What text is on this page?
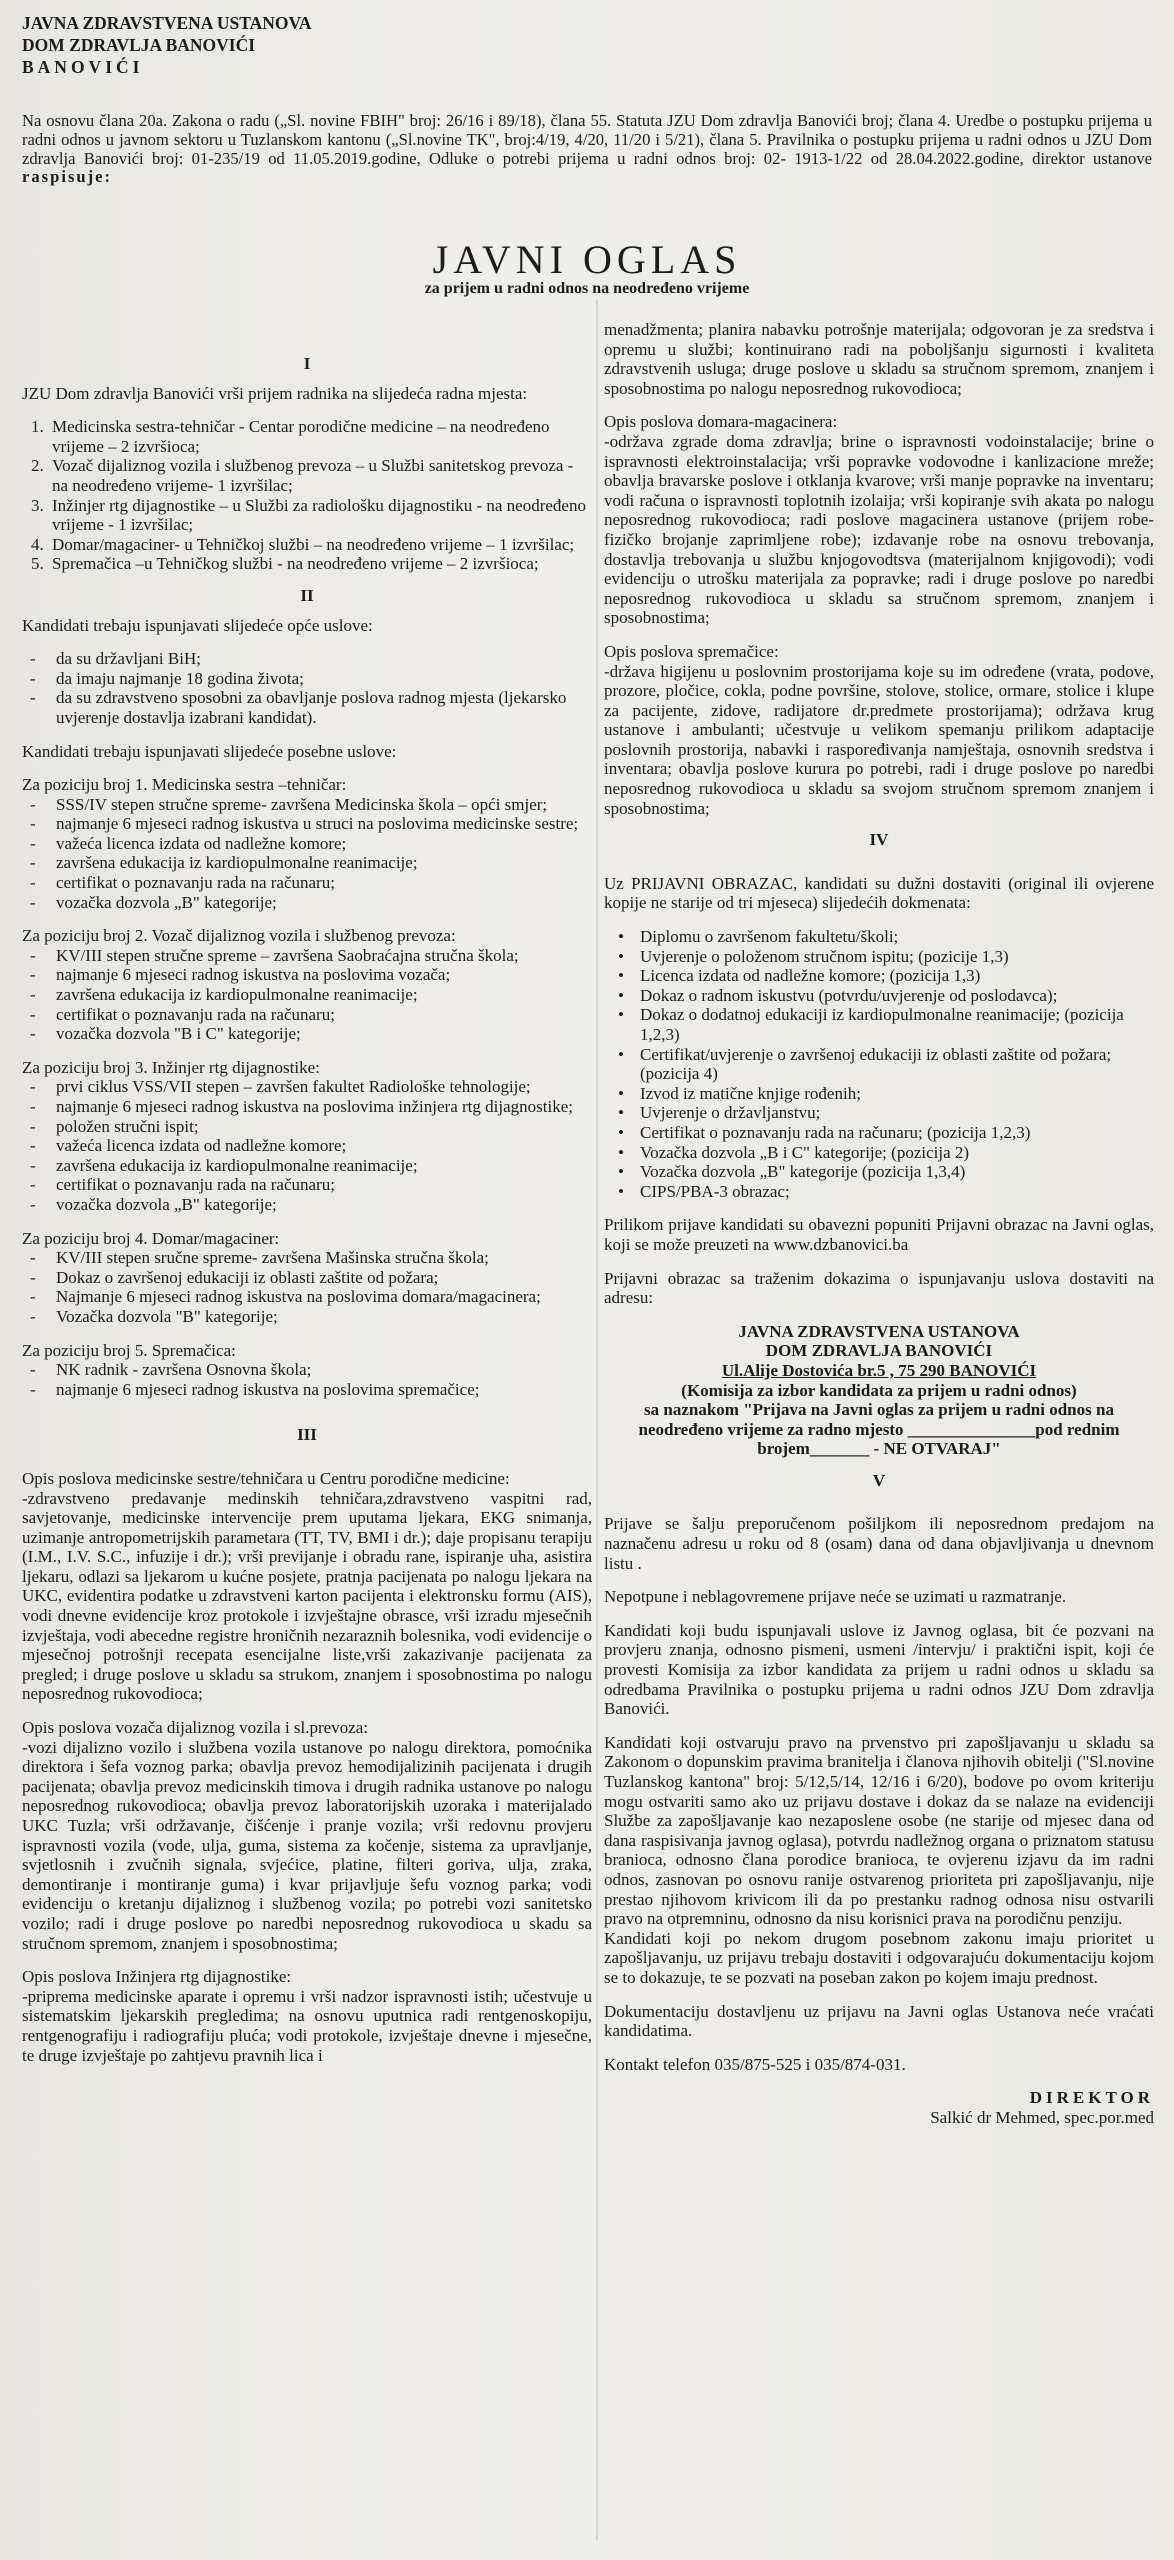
JAVNA ZDRAVSTVENA USTANOVA
DOM ZDRAVLJA BANOVIĆI
BANOVIĆI
Na osnovu člana 20a. Zakona o radu („Sl. novine FBIH" broj: 26/16 i 89/18), člana 55. Statuta JZU Dom zdravlja Banovići broj; člana 4. Uredbe o postupku prijema u radni odnos u javnom sektoru u Tuzlanskom kantonu („Sl.novine TK", broj:4/19, 4/20, 11/20 i 5/21), člana 5. Pravilnika o postupku prijema u radni odnos u JZU Dom zdravlja Banovići broj: 01-235/19 od 11.05.2019.godine, Odluke o potrebi prijema u radni odnos broj: 02- 1913-1/22 od 28.04.2022.godine, direktor ustanove raspisuje:
JAVNI OGLAS
za prijem u radni odnos na neodređeno vrijeme
I

JZU Dom zdravlja Banovići vrši prijem radnika na slijedeća radna mjesta:

1. Medicinska sestra-tehničar - Centar porodične medicine – na neodređeno vrijeme – 2 izvršioca;
2. Vozač dijaliznog vozila i službenog prevoza – u Službi sanitetskog prevoza - na neodređeno vrijeme- 1 izvršilac;
3. Inžinjer rtg dijagnostike – u Službi za radiološku dijagnostiku - na neodređeno vrijeme - 1 izvršilac;
4. Domar/magaciner- u Tehničkoj službi – na neodređeno vrijeme – 1 izvršilac;
5. Spremačica –u Tehničkog službi - na neodređeno vrijeme – 2 izvršioca;
II

Kandidati trebaju ispunjavati slijedeće opće uslove:

- da su državljani BiH;
- da imaju najmanje 18 godina života;
- da su zdravstveno sposobni za obavljanje poslova radnog mjesta (ljekarsko uvjerenje dostavlja izabrani kandidat).

Kandidati trebaju ispunjavati slijedeće posebne uslove:

Za poziciju broj 1. Medicinska sestra –tehničar:

- SSS/IV stepen stručne spreme- završena Medicinska škola – opći smjer;
- najmanje 6 mjeseci radnog iskustva u struci na poslovima medicinske sestre;
- važeća licenca izdata od nadležne komore;
- završena edukacija iz kardiopulmonalne reanimacije;
- certifikat o poznavanju rada na računaru;
- vozačka dozvola „B" kategorije;

Za poziciju broj 2. Vozač dijaliznog vozila i službenog prevoza:

- KV/III stepen stručne spreme – završena Saobraćajna stručna škola;
- najmanje 6 mjeseci radnog iskustva na poslovima vozača;
- završena edukacija iz kardiopulmonalne reanimacije;
- certifikat o poznavanju rada na računaru;
- vozačka dozvola "B i C" kategorije;

Za poziciju broj 3. Inžinjer rtg dijagnostike:

- prvi ciklus VSS/VII stepen – završen fakultet Radiološke tehnologije;
- najmanje 6 mjeseci radnog iskustva na poslovima inžinjera rtg dijagnostike;
- položen stručni ispit;
- važeća licenca izdata od nadležne komore;
- završena edukacija iz kardiopulmonalne reanimacije;
- certifikat o poznavanju rada na računaru;
- vozačka dozvola „B" kategorije;

Za poziciju broj 4. Domar/magaciner:

- KV/III stepen sručne spreme- završena Mašinska stručna škola;
- Dokaz o završenoj edukaciji iz oblasti zaštite od požara;
- Najmanje 6 mjeseci radnog iskustva na poslovima domara/magacinera;
- Vozačka dozvola "B" kategorije;

Za poziciju broj 5. Spremačica:

- NK radnik - završena Osnovna škola;
- najmanje 6 mjeseci radnog iskustva na poslovima spremačice;
III

Opis poslova medicinske sestre/tehničara u Centru porodične medicine:

-zdravstveno predavanje medinskih tehničara,zdravstveno vaspitni rad, savjetovanje, medicinske intervencije prem uputama ljekara, EKG snimanja, uzimanje antropometrijskih parametara (TT, TV, BMI i dr.); daje propisanu terapiju (I.M., I.V. S.C., infuzije i dr.); vrši previjanje i obradu rane, ispiranje uha, asistira ljekaru, odlazi sa ljekarom u kućne posjete, pratnja pacijenata po nalogu ljekara na UKC, evidentira podatke u zdravstveni karton pacijenta i elektronsku formu (AIS), vodi dnevne evidencije kroz protokole i izvještajne obrasce, vrši izradu mjesečnih izvještaja, vodi abecedne registre hroničnih nezaraznih bolesnika, vodi evidencije o mjesečnoj potrošnji recepata esencijalne liste,vrši zakazivanje pacijenata za pregled; i druge poslove u skladu sa strukom, znanjem i sposobnostima po nalogu neposrednog rukovodioca;

Opis poslova vozača dijaliznog vozila i sl.prevoza:

-vozi dijalizno vozilo i službena vozila ustanove po nalogu direktora, pomoćnika direktora i šefa voznog parka; obavlja prevoz hemodijalizinih pacijenata i drugih pacijenata; obavlja prevoz medicinskih timova i drugih radnika ustanove po nalogu neposrednog rukovodioca; obavlja prevoz laboratorijskih uzoraka i materijalado UKC Tuzla; vrši održavanje, čišćenje i pranje vozila; vrši redovnu provjeru ispravnosti vozila (vode, ulja, guma, sistema za kočenje, sistema za upravljanje, svjetlosnih i zvučnih signala, svjećice, platine, filteri goriva, ulja, zraka, demontiranje i montiranje guma) i kvar prijavljuje šefu voznog parka; vodi evidenciju o kretanju dijaliznog i službenog vozila; po potrebi vozi sanitetsko vozilo; radi i druge poslove po naredbi neposrednog rukovodioca u skadu sa stručnom spremom, znanjem i sposobnostima;

Opis poslova Inžinjera rtg dijagnostike:

-priprema medicinske aparate i opremu i vrši nadzor ispravnosti istih; učestvuje u sistematskim ljekarskih pregledima; na osnovu uputnica radi rentgenoskopiju, rentgenografiju i radiografiju pluća; vodi protokole, izvještaje dnevne i mjesečne, te druge izvještaje po zahtjevu pravnih lica i

menadžmenta; planira nabavku potrošnje materijala; odgovoran je za sredstva i opremu u službi; kontinuirano radi na poboljšanju sigurnosti i kvaliteta zdravstvenih usluga; druge poslove u skladu sa stručnom spremom, znanjem i sposobnostima po nalogu neposrednog rukovodioca;

Opis poslova domara-magacinera:

-održava zgrade doma zdravlja; brine o ispravnosti vodoinstalacije; brine o ispravnosti elektroinstalacija; vrši popravke vodovodne i kanlizacione mreže; obavlja bravarske poslove i otklanja kvarove; vrši manje popravke na inventaru; vodi računa o ispravnosti toplotnih izolaija; vrši kopiranje svih akata po nalogu neposrednog rukovodioca; radi poslove magacinera ustanove (prijem robe-fizičko brojanje zaprimljene robe); izdavanje robe na osnovu trebovanja, dostavlja trebovanja u službu knjogovodtsva (materijalnom knjigovodi); vodi evidenciju o utrošku materijala za popravke; radi i druge poslove po naredbi neposrednog rukovodioca u skladu sa stručnom spremom, znanjem i sposobnostima;

Opis poslova spremačice:

-država higijenu u poslovnim prostorijama koje su im određene (vrata, podove, prozore, pločice, cokla, podne površine, stolove, stolice, ormare, stolice i klupe za pacijente, zidove, radijatore dr.predmete prostorijama); održava krug ustanove i ambulanti; učestvuje u velikom spemanju prilikom adaptacije poslovnih prostorija, nabavki i raspoređivanja namještaja, osnovnih sredstva i inventara; obavlja poslove kurura po potrebi, radi i druge poslove po naredbi neposrednog rukovodioca u skladu sa svojom stručnom spremom znanjem i sposobnostima;

IV

Uz PRIJAVNI OBRAZAC, kandidati su dužni dostaviti (original ili ovjerene kopije ne starije od tri mjeseca) slijedećih dokmenata:

• Diplomu o završenom fakultetu/školi;
• Uvjerenje o položenom stručnom ispitu; (pozicije 1,3)
• Licenca izdata od nadležne komore; (pozicija 1,3)
• Dokaz o radnom iskustvu (potvrdu/uvjerenje od poslodavca);
• Dokaz o dodatnoj edukaciji iz kardiopulmonalne reanimacije; (pozicija 1,2,3)
• Certifikat/uvjerenje o završenoj edukaciji iz oblasti zaštite od požara; (pozicija 4)
• Izvod iz matične knjige rođenih;
• Uvjerenje o državljanstvu;
• Certifikat o poznavanju rada na računaru; (pozicija 1,2,3)
• Vozačka dozvola „B i C" kategorije; (pozicija 2)
• Vozačka dozvola „B" kategorije (pozicija 1,3,4)
• CIPS/PBA-3 obrazac;

Prilikom prijave kandidati su obavezni popuniti Prijavni obrazac na Javni oglas, koji se može preuzeti na www.dzbanovici.ba

Prijavni obrazac sa traženim dokazima o ispunjavanju uslova dostaviti na adresu:

JAVNA ZDRAVSTVENA USTANOVA
DOM ZDRAVLJA BANOVIĆI
Ul.Alije Dostovića br.5 , 75 290 BANOVIĆI
(Komisija za izbor kandidata za prijem u radni odnos)
sa naznakom "Prijava na Javni oglas za prijem u radni odnos na neodređeno vrijeme za radno mjesto _______________pod rednim brojem_______ - NE OTVARAJ"
V

Prijave se šalju preporučenom pošiljkom ili neposrednom predajom na naznačenu adresu u roku od 8 (osam) dana od dana objavljivanja u dnevnom listu .

Nepotpune i neblagovremene prijave neće se uzimati u razmatranje.

Kandidati koji budu ispunjavali uslove iz Javnog oglasa, bit će pozvani na provjeru znanja, odnosno pismeni, usmeni /intervju/ i praktični ispit, koji će provesti Komisija za izbor kandidata za prijem u radni odnos u skladu sa odredbama Pravilnika o postupku prijema u radni odnos JZU Dom zdravlja Banovići.

Kandidati koji ostvaruju pravo na prvenstvo pri zapošljavanju u skladu sa Zakonom o dopunskim pravima branitelja i članova njihovih obitelji ("Sl.novine Tuzlanskog kantona" broj: 5/12,5/14, 12/16 i 6/20), bodove po ovom kriteriju mogu ostvariti samo ako uz prijavu dostave i dokaz da se nalaze na evidenciji Službe za zapošljavanje kao nezaposlene osobe (ne starije od mjesec dana od dana raspisivanja javnog oglasa), potvrdu nadležnog organa o priznatom statusu branioca, odnosno člana porodice branioca, te ovjerenu izjavu da im radni odnos, zasnovan po osnovu ranije ostvarenog prioriteta pri zapošljavanju, nije prestao njihovom krivicom ili da po prestanku radnog odnosa nisu ostvarili pravo na otpremninu, odnosno da nisu korisnici prava na porodičnu penziju.

Kandidati koji po nekom drugom posebnom zakonu imaju prioritet u zapošljavanju, uz prijavu trebaju dostaviti i odgovarajuću dokumentaciju kojom se to dokazuje, te se pozvati na poseban zakon po kojem imaju prednost.

Dokumentaciju dostavljenu uz prijavu na Javni oglas Ustanova neće vraćati kandidatima.

Kontakt telefon 035/875-525 i 035/874-031.

DIREKTOR
Salkić dr Mehmed, spec.por.med
